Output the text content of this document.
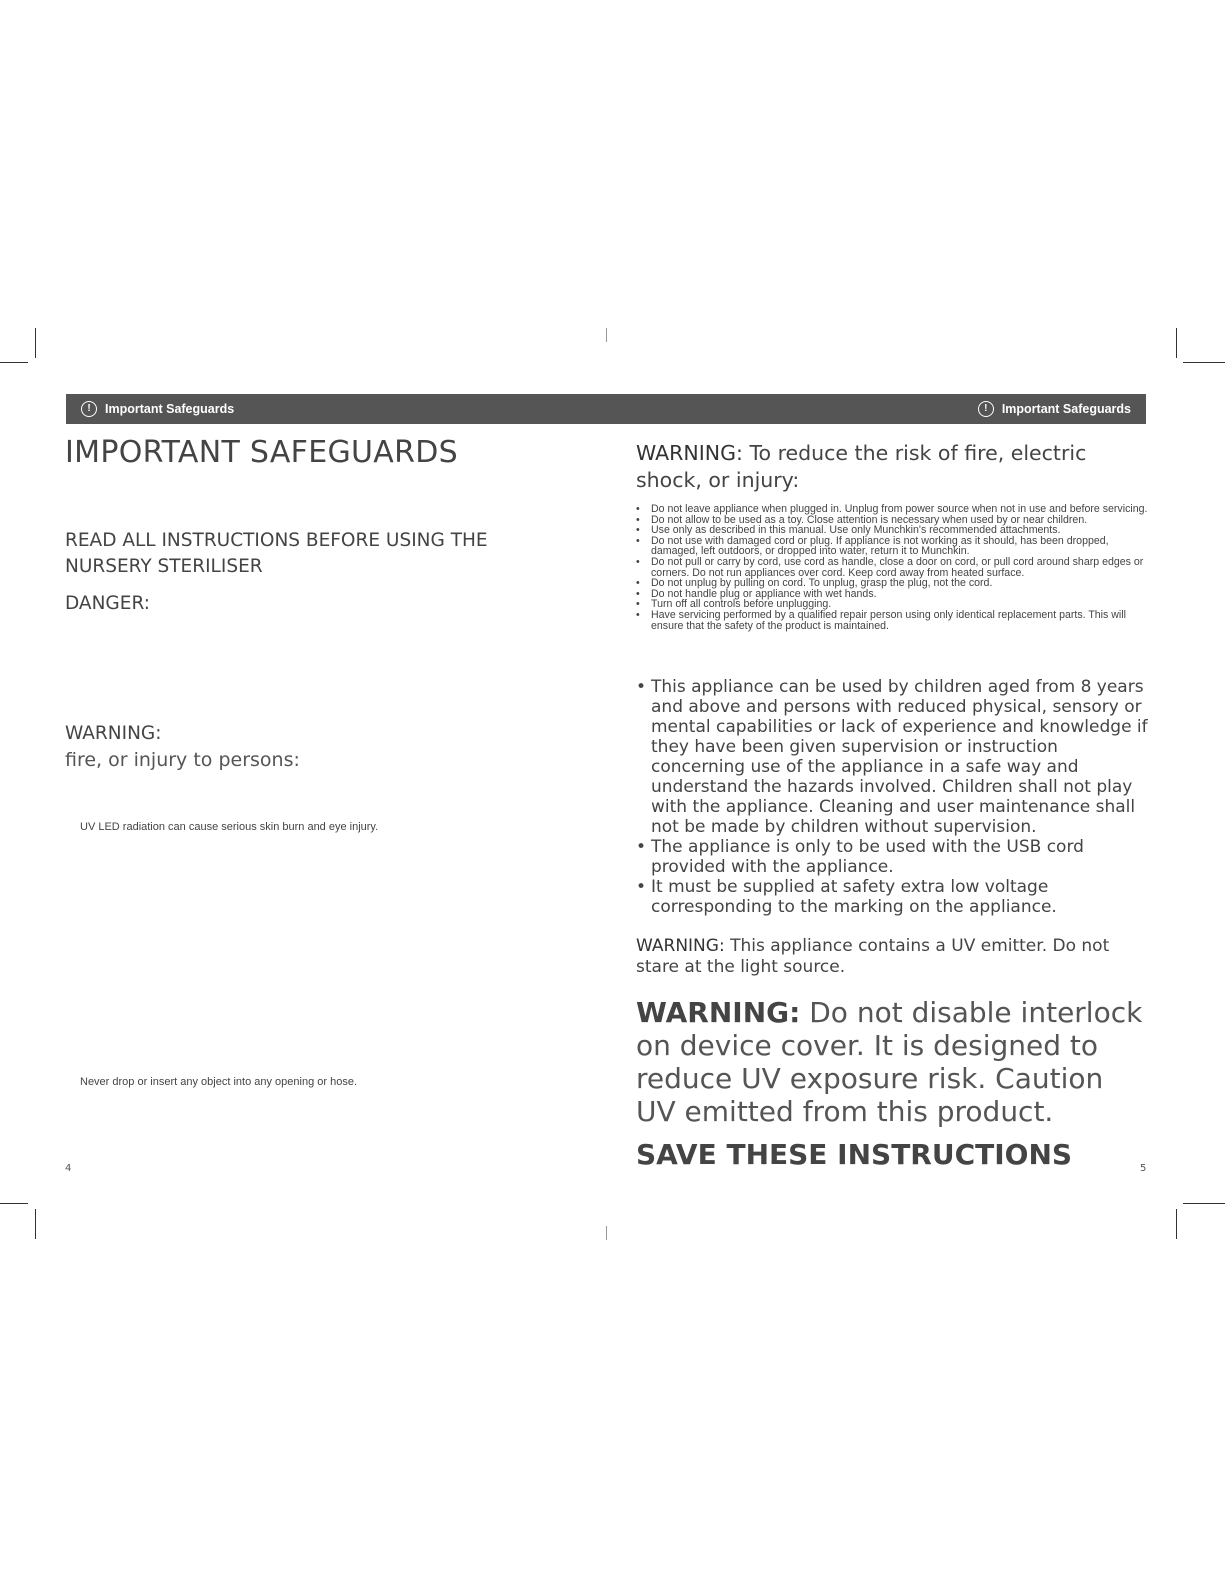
!	Important Safeguards	!	Important Safeguards
IMPORTANT SAFEGUARDS
READ ALL INSTRUCTIONS BEFORE USING THE NURSERY STERILISER
DANGER:
WARNING:
fire, or injury to persons:
UV LED radiation can cause serious skin burn and eye injury.
Never drop or insert any object into any opening or hose.
4
WARNING: To reduce the risk of fire, electric shock, or injury:
• Do not leave appliance when plugged in. Unplug from power source when not in use and before servicing.
• Do not allow to be used as a toy. Close attention is necessary when used by or near children.
• Use only as described in this manual. Use only Munchkin's recommended attachments.
• Do not use with damaged cord or plug. If appliance is not working as it should, has been dropped, damaged, left outdoors, or dropped into water, return it to Munchkin.
• Do not pull or carry by cord, use cord as handle, close a door on cord, or pull cord around sharp edges or corners. Do not run appliances over cord. Keep cord away from heated surface.
• Do not unplug by pulling on cord. To unplug, grasp the plug, not the cord.
• Do not handle plug or appliance with wet hands.
• Turn off all controls before unplugging.
• Have servicing performed by a qualified repair person using only identical replacement parts. This will ensure that the safety of the product is maintained.
• This appliance can be used by children aged from 8 years and above and persons with reduced physical, sensory or mental capabilities or lack of experience and knowledge if they have been given supervision or instruction concerning use of the appliance in a safe way and understand the hazards involved. Children shall not play with the appliance. Cleaning and user maintenance shall not be made by children without supervision.
• The appliance is only to be used with the USB cord provided with the appliance.
• It must be supplied at safety extra low voltage corresponding to the marking on the appliance.
WARNING: This appliance contains a UV emitter. Do not stare at the light source.
WARNING: Do not disable interlock on device cover. It is designed to reduce UV exposure risk. Caution UV emitted from this product.
SAVE THESE INSTRUCTIONS	5
